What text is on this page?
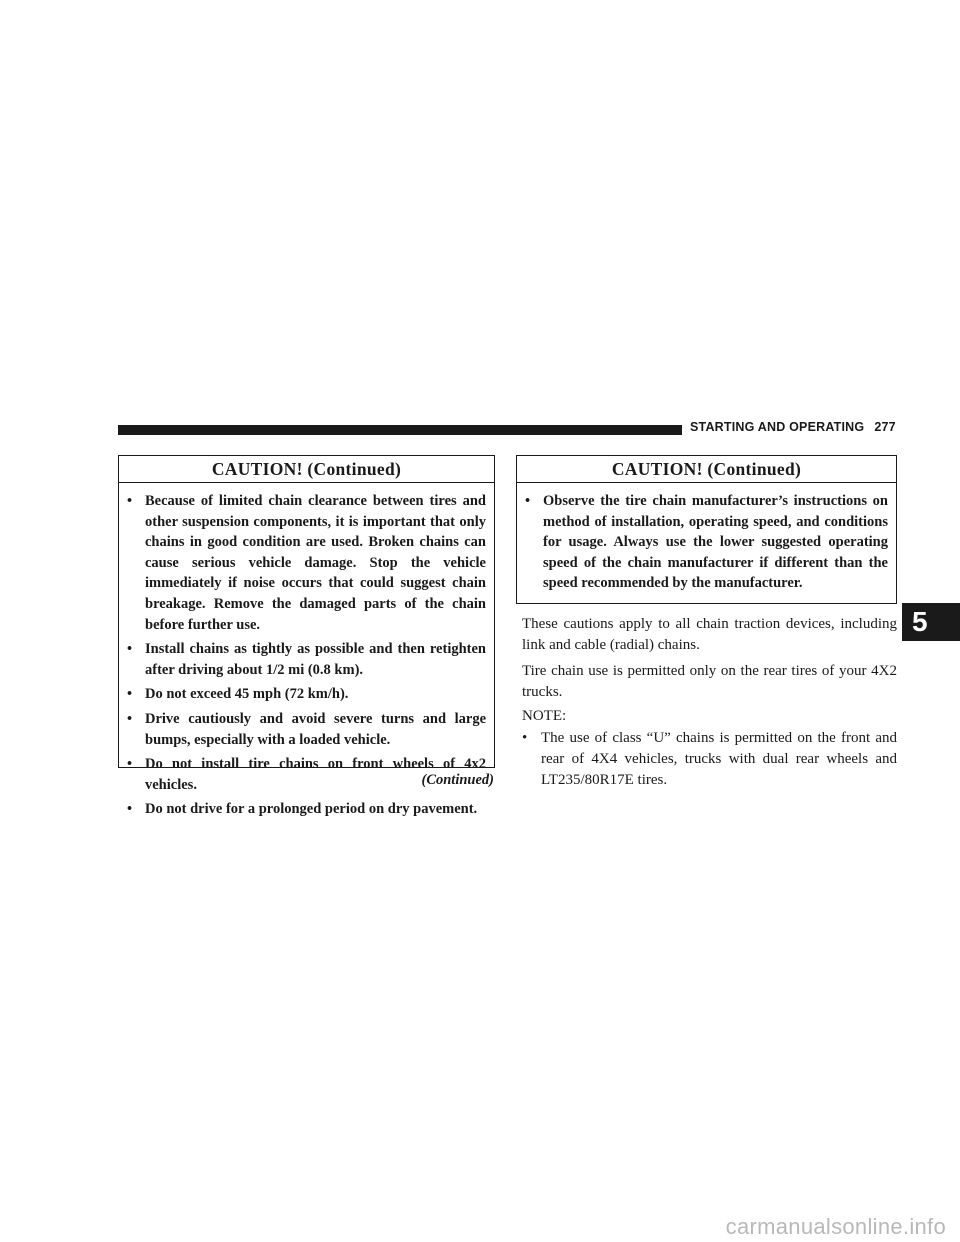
STARTING AND OPERATING 277
CAUTION! (Continued)
• Because of limited chain clearance between tires and other suspension components, it is important that only chains in good condition are used. Broken chains can cause serious vehicle damage. Stop the vehicle immediately if noise occurs that could suggest chain breakage. Remove the damaged parts of the chain before further use.
• Install chains as tightly as possible and then retighten after driving about 1/2 mi (0.8 km).
• Do not exceed 45 mph (72 km/h).
• Drive cautiously and avoid severe turns and large bumps, especially with a loaded vehicle.
• Do not install tire chains on front wheels of 4x2 vehicles.
• Do not drive for a prolonged period on dry pavement.
(Continued)
CAUTION! (Continued)
• Observe the tire chain manufacturer’s instructions on method of installation, operating speed, and conditions for usage. Always use the lower suggested operating speed of the chain manufacturer if different than the speed recommended by the manufacturer.

These cautions apply to all chain traction devices, including link and cable (radial) chains.

Tire chain use is permitted only on the rear tires of your 4X2 trucks.

NOTE:

• The use of class “U” chains is permitted on the front and rear of 4X4 vehicles, trucks with dual rear wheels and LT235/80R17E tires.
5
carmanualsonline.info
